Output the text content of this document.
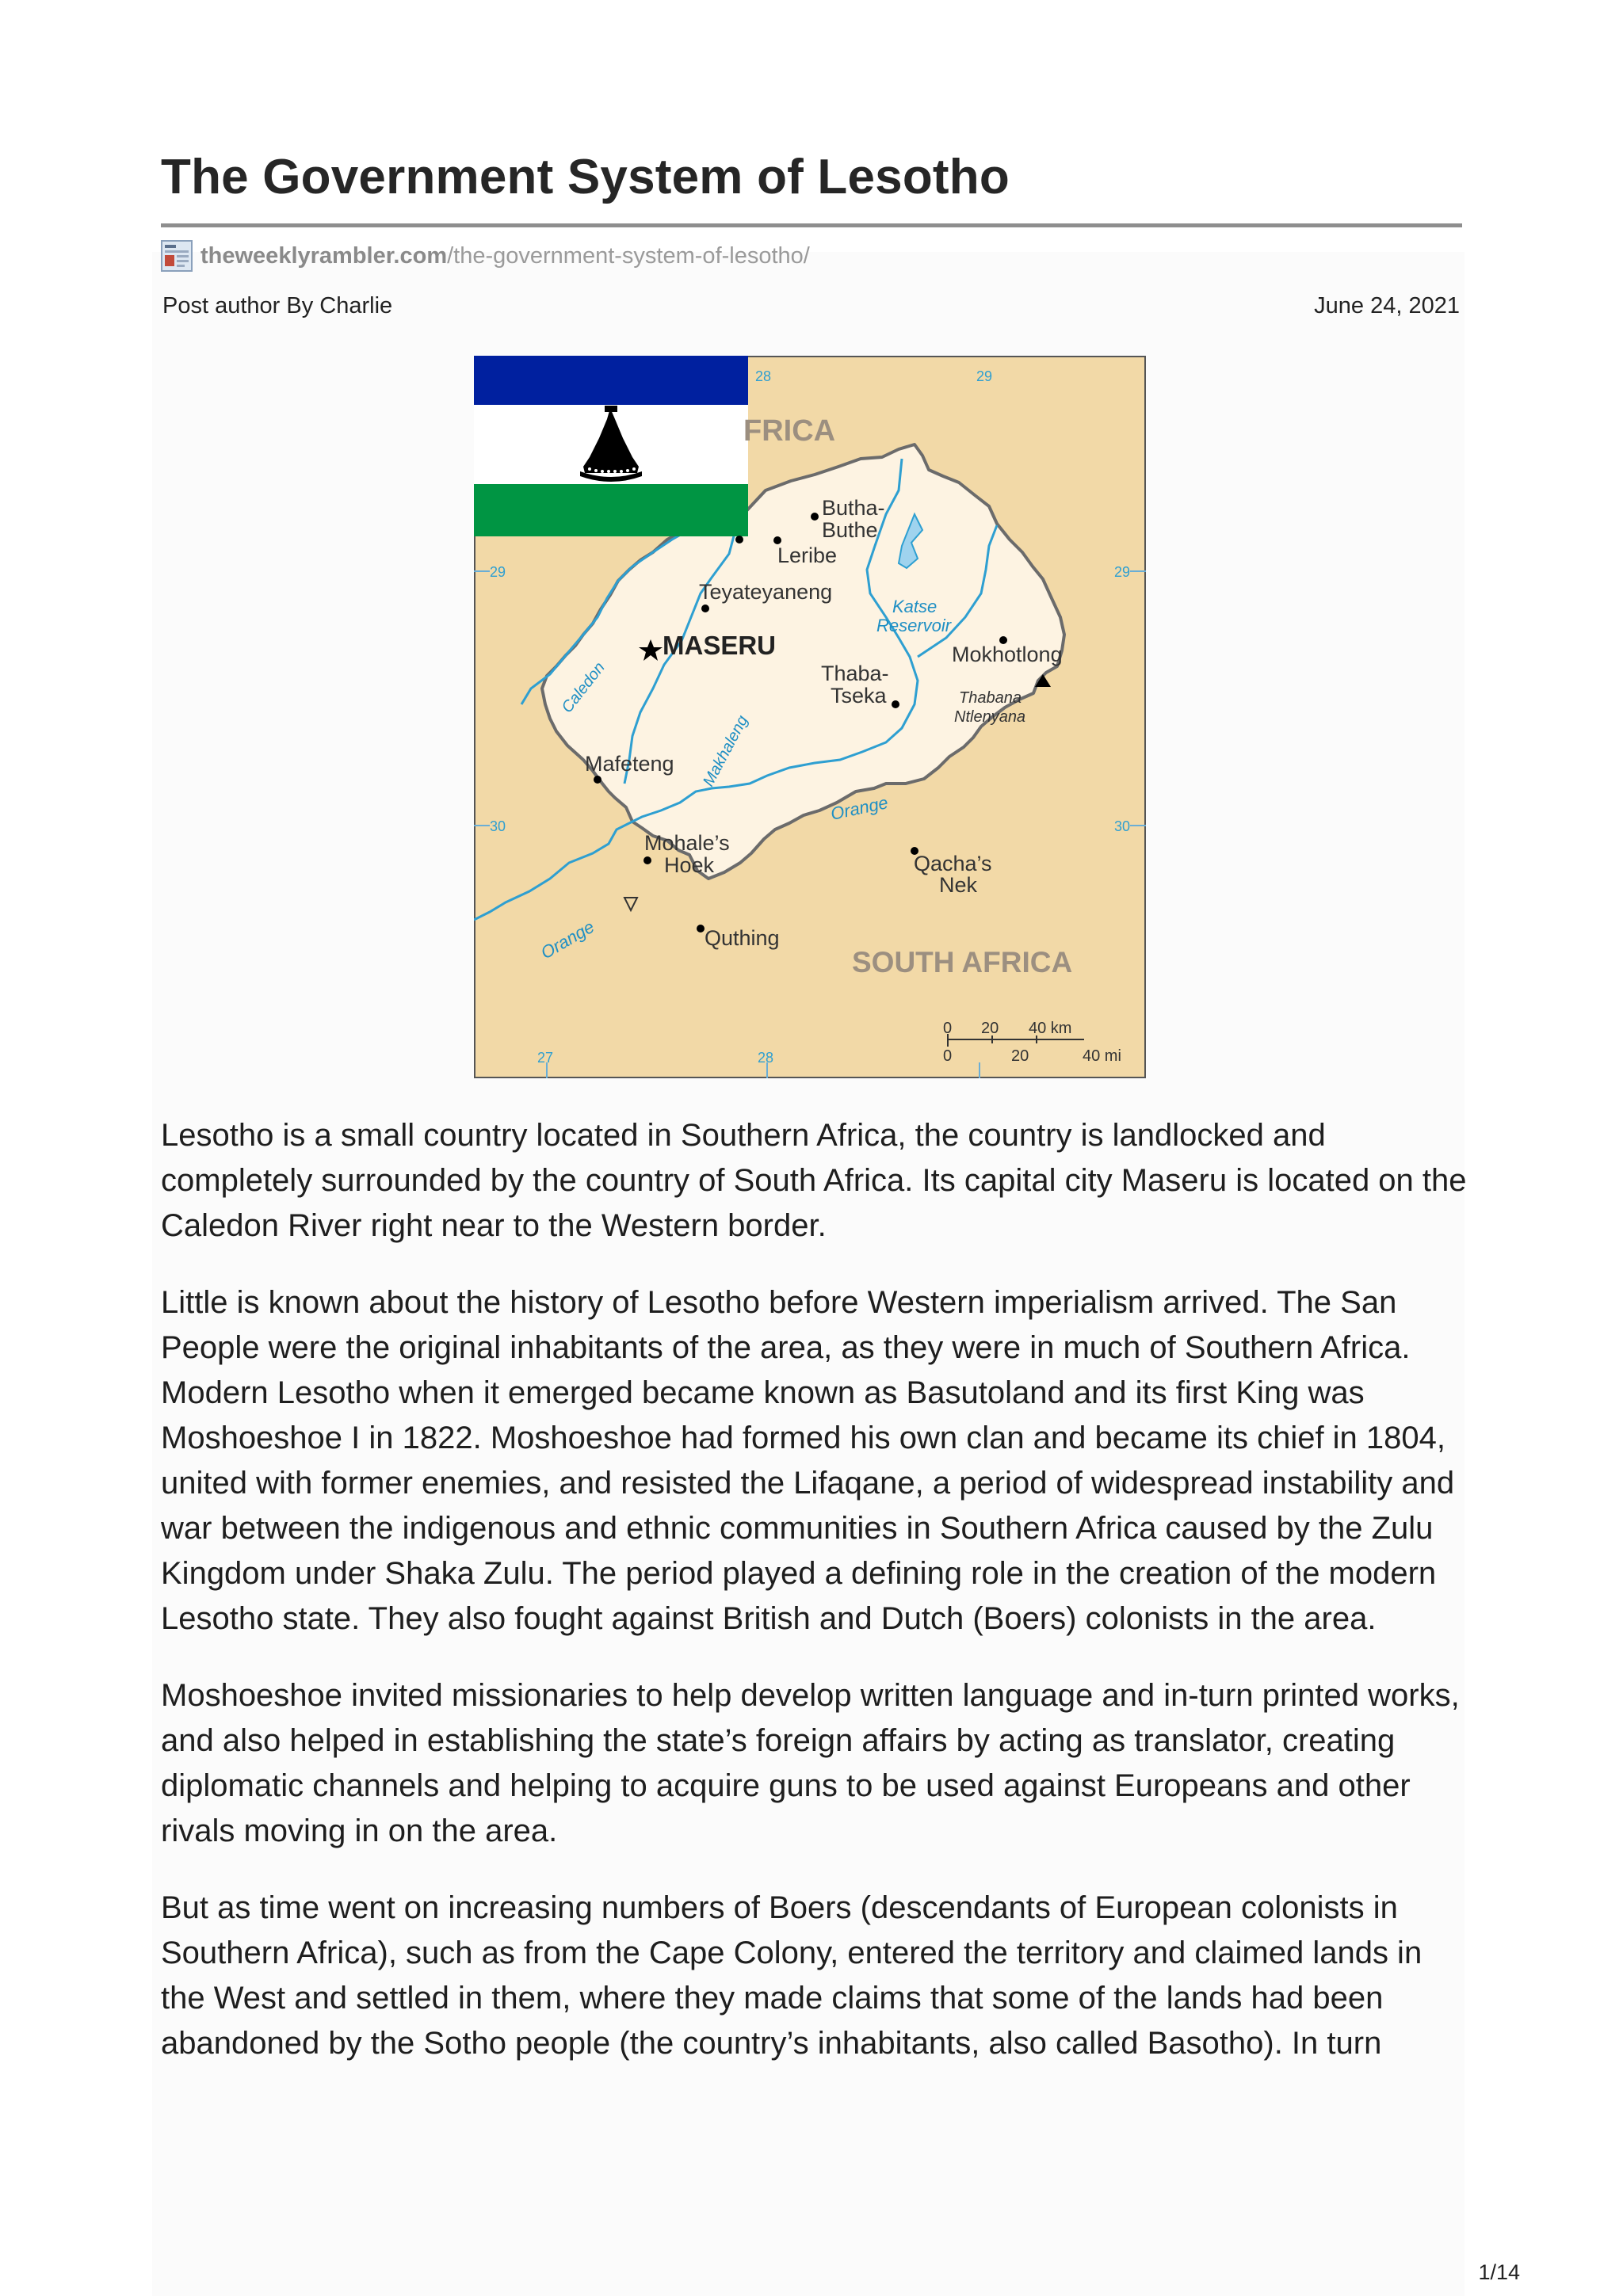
The Government System of Lesotho
theweeklyrambler.com/the-government-system-of-lesotho/
Post author By Charlie	June 24, 2021
FRICA
Butha-
Buthe
Leribe
Teyateyaneng
Katse
Reservoir
MASERU
Caledon
Mokhotlong
Thaba-
Tseka	Thabana
Ntlenyana
Mafeteng Makhaleng
Orange
Mohale’s
Hoek	Qacha’s
Nek
Orange	Quthing
SOUTH AFRICA
28	29
29	29
30	30
27	28
0 20 40 km
0	20	40 mi

Lesotho is a small country located in Southern Africa, the country is landlocked and completely surrounded by the country of South Africa. Its capital city Maseru is located on the Caledon River right near to the Western border.

Little is known about the history of Lesotho before Western imperialism arrived. The San People were the original inhabitants of the area, as they were in much of Southern Africa. Modern Lesotho when it emerged became known as Basutoland and its first King was Moshoeshoe I in 1822. Moshoeshoe had formed his own clan and became its chief in 1804, united with former enemies, and resisted the Lifaqane, a period of widespread instability and war between the indigenous and ethnic communities in Southern Africa caused by the Zulu Kingdom under Shaka Zulu. The period played a defining role in the creation of the modern Lesotho state. They also fought against British and Dutch (Boers) colonists in the area.

Moshoeshoe invited missionaries to help develop written language and in-turn printed works, and also helped in establishing the state’s foreign affairs by acting as translator, creating diplomatic channels and helping to acquire guns to be used against Europeans and other rivals moving in on the area.

But as time went on increasing numbers of Boers (descendants of European colonists in Southern Africa), such as from the Cape Colony, entered the territory and claimed lands in the West and settled in them, where they made claims that some of the lands had been abandoned by the Sotho people (the country’s inhabitants, also called Basotho). In turn

1/14
